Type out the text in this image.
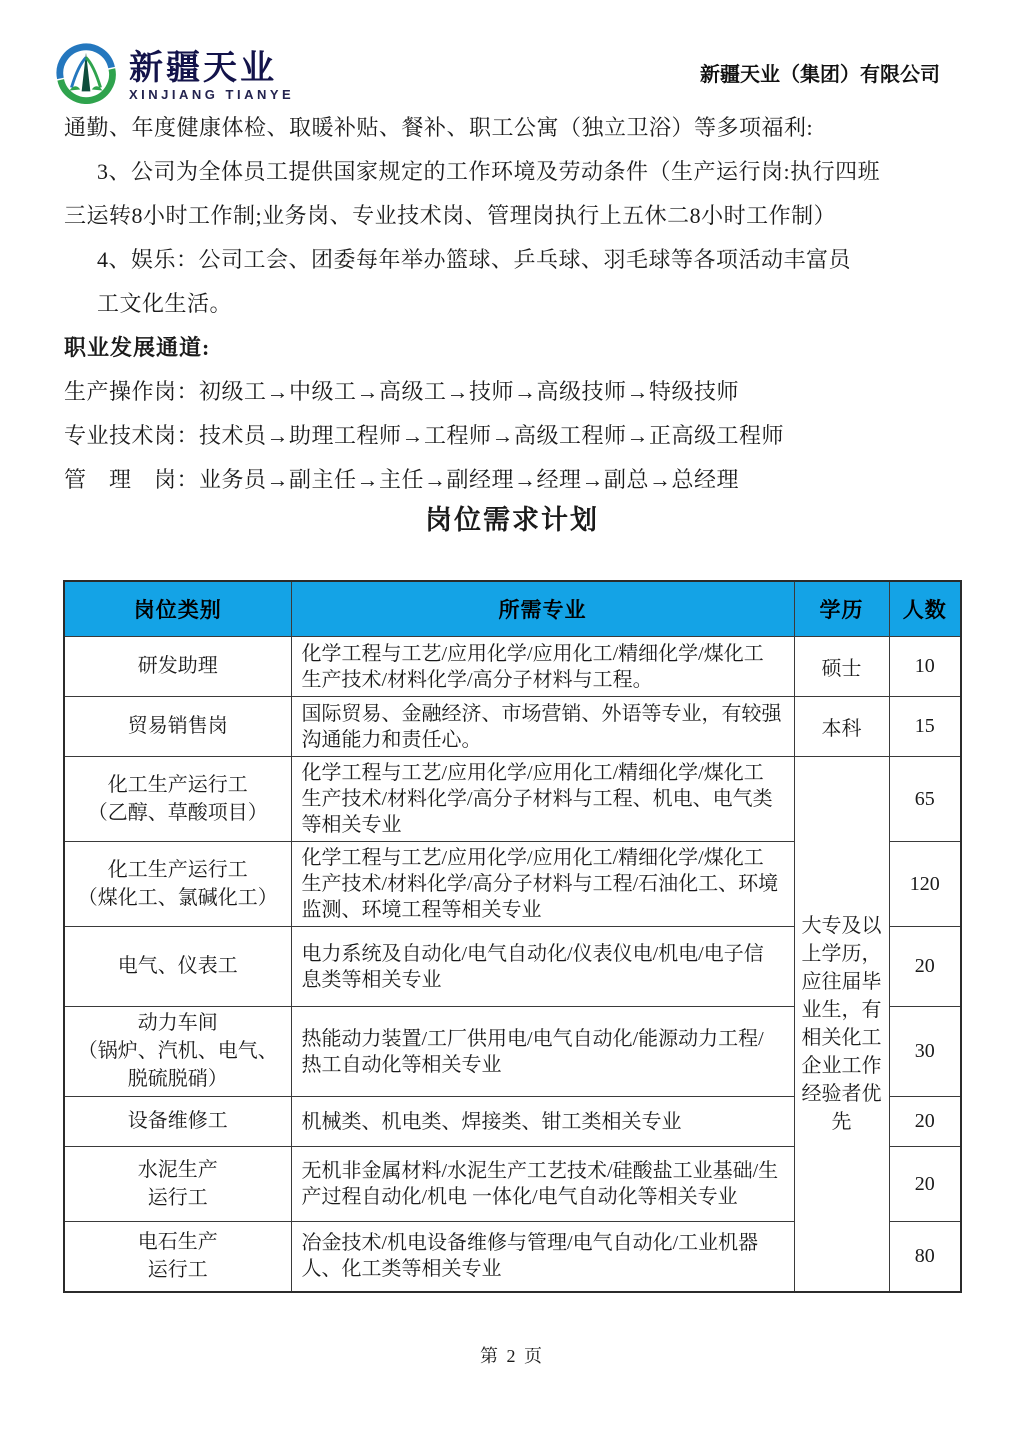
新疆天业
XINJIANG TIANYE
新疆天业（集团）有限公司
通勤、年度健康体检、取暖补贴、餐补、职工公寓（独立卫浴）等多项福利:
3、公司为全体员工提供国家规定的工作环境及劳动条件（生产运行岗:执行四班
三运转8小时工作制;业务岗、专业技术岗、管理岗执行上五休二8小时工作制）
4、娱乐：公司工会、团委每年举办篮球、乒乓球、羽毛球等各项活动丰富员
工文化生活。
职业发展通道:
生产操作岗：初级工→中级工→高级工→技师→高级技师→特级技师
专业技术岗：技术员→助理工程师→工程师→高级工程师→正高级工程师
管　理　岗：业务员→副主任→主任→副经理→经理→副总→总经理
岗位需求计划
岗位类别	所需专业	学历	人数

研发助理	化学工程与工艺/应用化学/应用化工/精细化学/煤化工生产技术/材料化学/高分子材料与工程。	硕士	10

贸易销售岗	国际贸易、金融经济、市场营销、外语等专业，有较强沟通能力和责任心。	本科	15

化工生产运行工
（乙醇、草酸项目）	化学工程与工艺/应用化学/应用化工/精细化学/煤化工生产技术/材料化学/高分子材料与工程、机电、电气类等相关专业	大专及以上学历，应往届毕业生，有相关化工企业工作经验者优先	65

化工生产运行工
（煤化工、氯碱化工）	化学工程与工艺/应用化学/应用化工/精细化学/煤化工生产技术/材料化学/高分子材料与工程/石油化工、环境监测、环境工程等相关专业		120

电气、仪表工	电力系统及自动化/电气自动化/仪表仪电/机电/电子信息类等相关专业		20

动力车间
（锅炉、汽机、电气、
脱硫脱硝）	热能动力装置/工厂供用电/电气自动化/能源动力工程/热工自动化等相关专业		30

设备维修工	机械类、机电类、焊接类、钳工类相关专业		20

水泥生产
运行工	无机非金属材料/水泥生产工艺技术/硅酸盐工业基础/生产过程自动化/机电 一体化/电气自动化等相关专业		20

电石生产
运行工	冶金技术/机电设备维修与管理/电气自动化/工业机器人、化工类等相关专业		80
第 2 页
